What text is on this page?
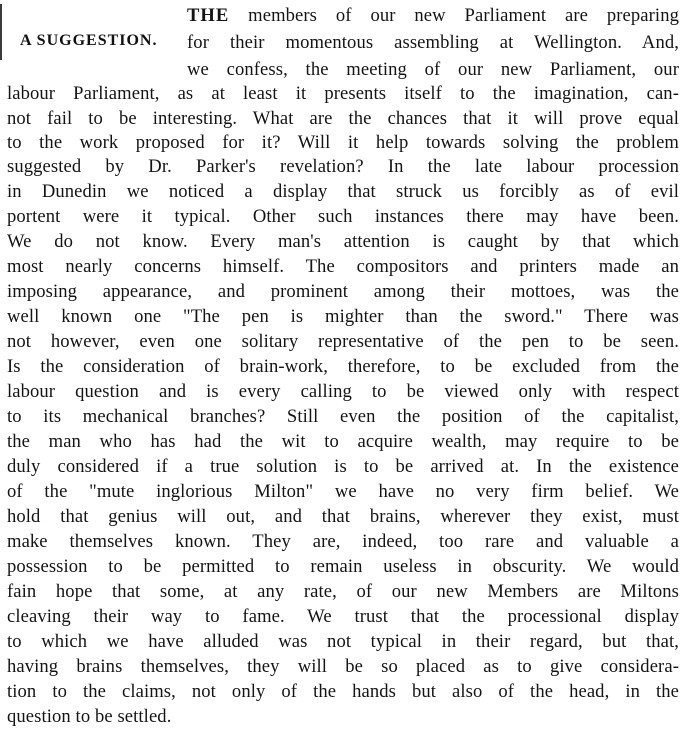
A SUGGESTION.
THE members of our new Parliament are preparing
for their momentous assembling at Wellington. And,
we confess, the meeting of our new Parliament, our
labour Parliament, as at least it presents itself to the imagination, can-
not fail to be interesting. What are the chances that it will prove equal
to the work proposed for it? Will it help towards solving the problem
suggested by Dr. Parker's revelation? In the late labour procession
in Dunedin we noticed a display that struck us forcibly as of evil
portent were it typical. Other such instances there may have been.
We do not know. Every man's attention is caught by that which
most nearly concerns himself. The compositors and printers made an
imposing appearance, and prominent among their mottoes, was the
well known one "The pen is mighter than the sword." There was
not however, even one solitary representative of the pen to be seen.
Is the consideration of brain-work, therefore, to be excluded from the
labour question and is every calling to be viewed only with respect
to its mechanical branches? Still even the position of the capitalist,
the man who has had the wit to acquire wealth, may require to be
duly considered if a true solution is to be arrived at. In the existence
of the "mute inglorious Milton" we have no very firm belief. We
hold that genius will out, and that brains, wherever they exist, must
make themselves known. They are, indeed, too rare and valuable a
possession to be permitted to remain useless in obscurity. We would
fain hope that some, at any rate, of our new Members are Miltons
cleaving their way to fame. We trust that the processional display
to which we have alluded was not typical in their regard, but that,
having brains themselves, they will be so placed as to give considera-
tion to the claims, not only of the hands but also of the head, in the
question to be settled.
